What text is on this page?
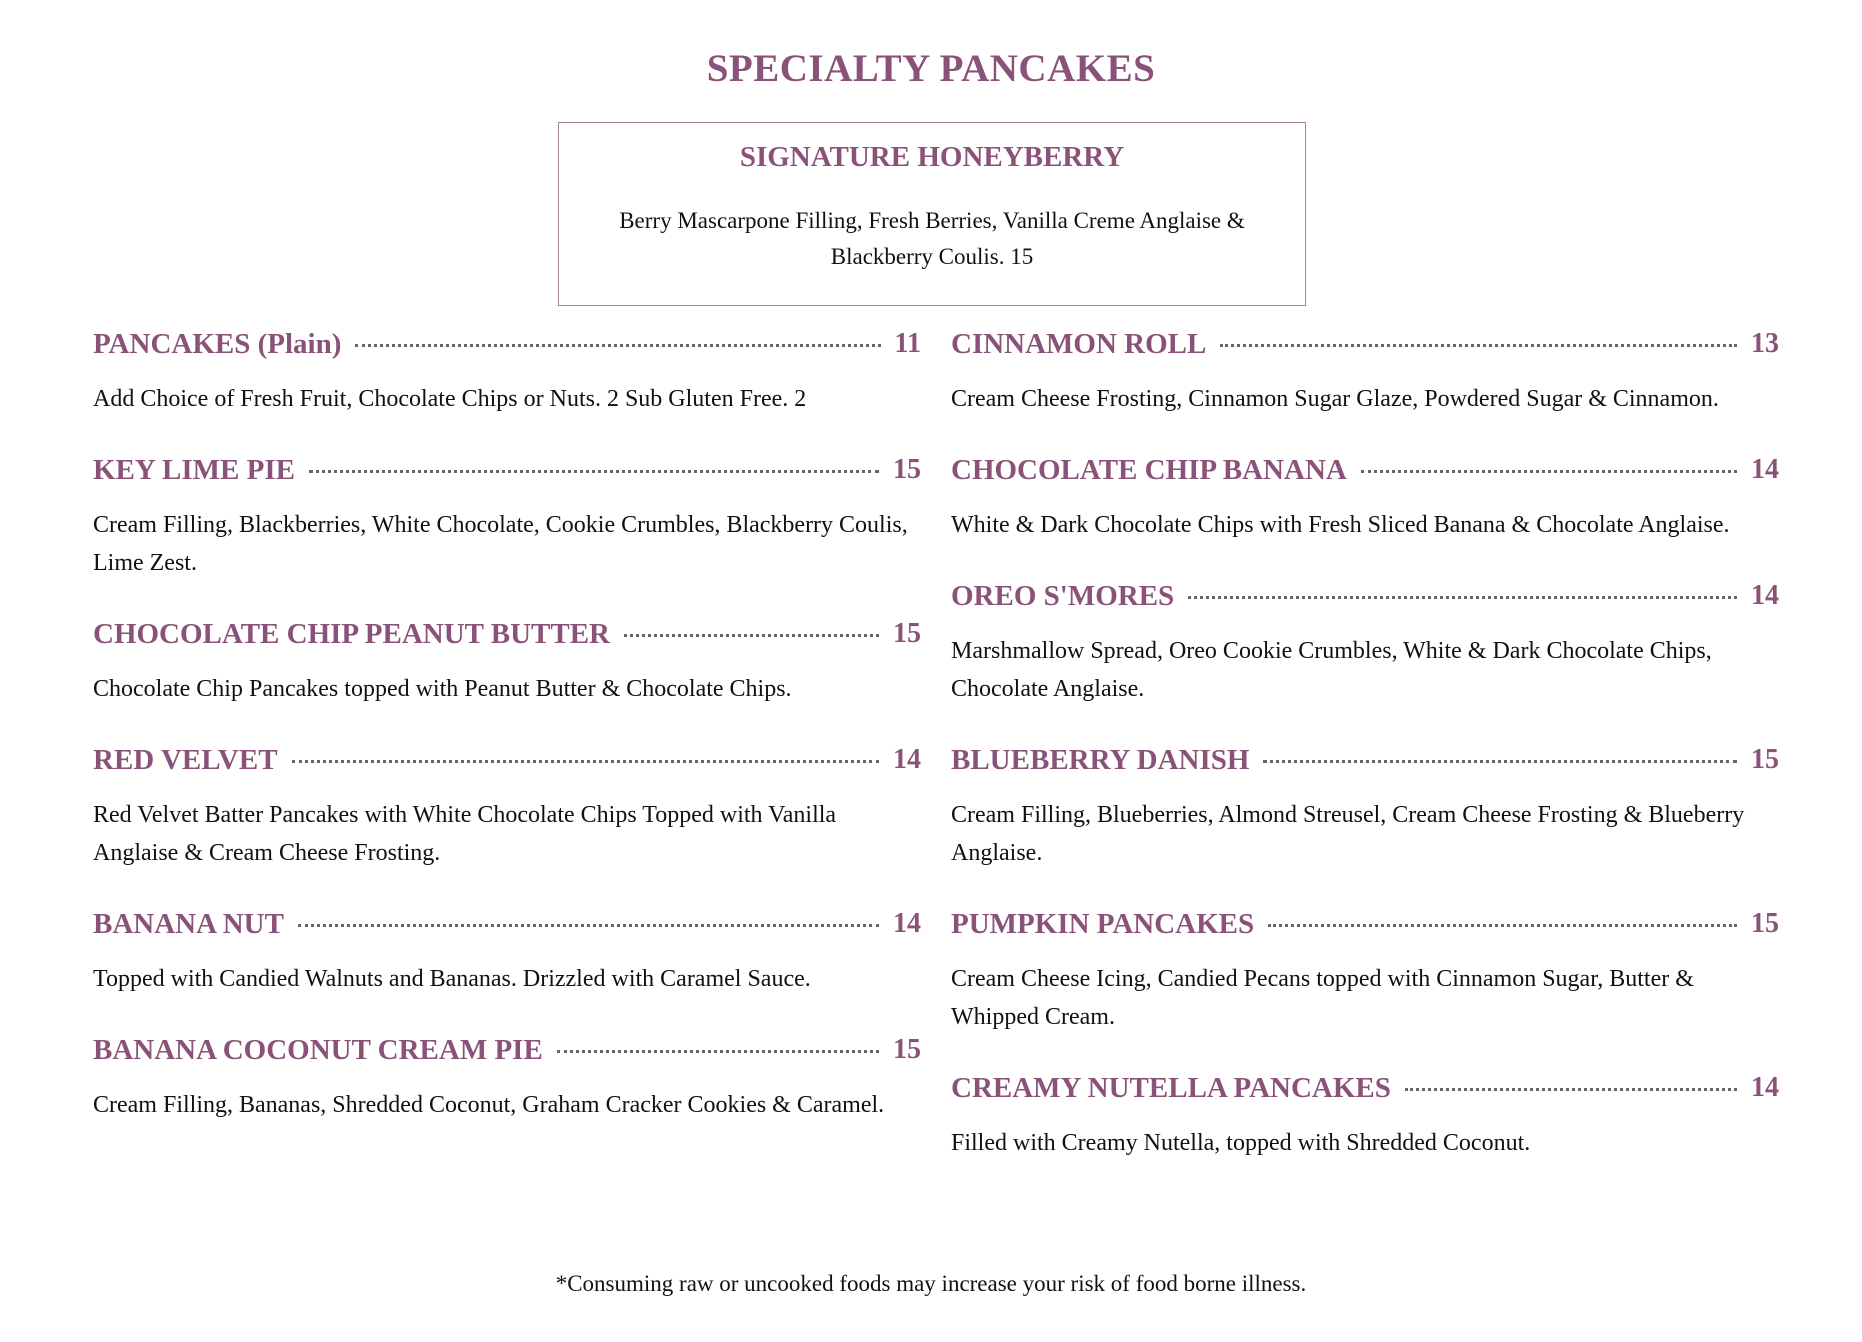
SPECIALTY PANCAKES
SIGNATURE HONEYBERRY
Berry Mascarpone Filling, Fresh Berries, Vanilla Creme Anglaise & Blackberry Coulis. 15
PANCAKES (Plain)	11
Add Choice of Fresh Fruit, Chocolate Chips or Nuts. 2 Sub Gluten Free. 2
KEY LIME PIE	15
Cream Filling, Blackberries, White Chocolate, Cookie Crumbles, Blackberry Coulis, Lime Zest.
CHOCOLATE CHIP PEANUT BUTTER	15
Chocolate Chip Pancakes topped with Peanut Butter & Chocolate Chips.
RED VELVET	14
Red Velvet Batter Pancakes with White Chocolate Chips Topped with Vanilla Anglaise & Cream Cheese Frosting.
BANANA NUT	14
Topped with Candied Walnuts and Bananas. Drizzled with Caramel Sauce.
BANANA COCONUT CREAM PIE	15
Cream Filling, Bananas, Shredded Coconut, Graham Cracker Cookies & Caramel.
CINNAMON ROLL	13
Cream Cheese Frosting, Cinnamon Sugar Glaze, Powdered Sugar & Cinnamon.
CHOCOLATE CHIP BANANA	14
White & Dark Chocolate Chips with Fresh Sliced Banana & Chocolate Anglaise.
OREO S'MORES	14
Marshmallow Spread, Oreo Cookie Crumbles, White & Dark Chocolate Chips, Chocolate Anglaise.
BLUEBERRY DANISH	15
Cream Filling, Blueberries, Almond Streusel, Cream Cheese Frosting & Blueberry Anglaise.
PUMPKIN PANCAKES	15
Cream Cheese Icing, Candied Pecans topped with Cinnamon Sugar, Butter & Whipped Cream.
CREAMY NUTELLA PANCAKES	14
Filled with Creamy Nutella, topped with Shredded Coconut.
*Consuming raw or uncooked foods may increase your risk of food borne illness.
